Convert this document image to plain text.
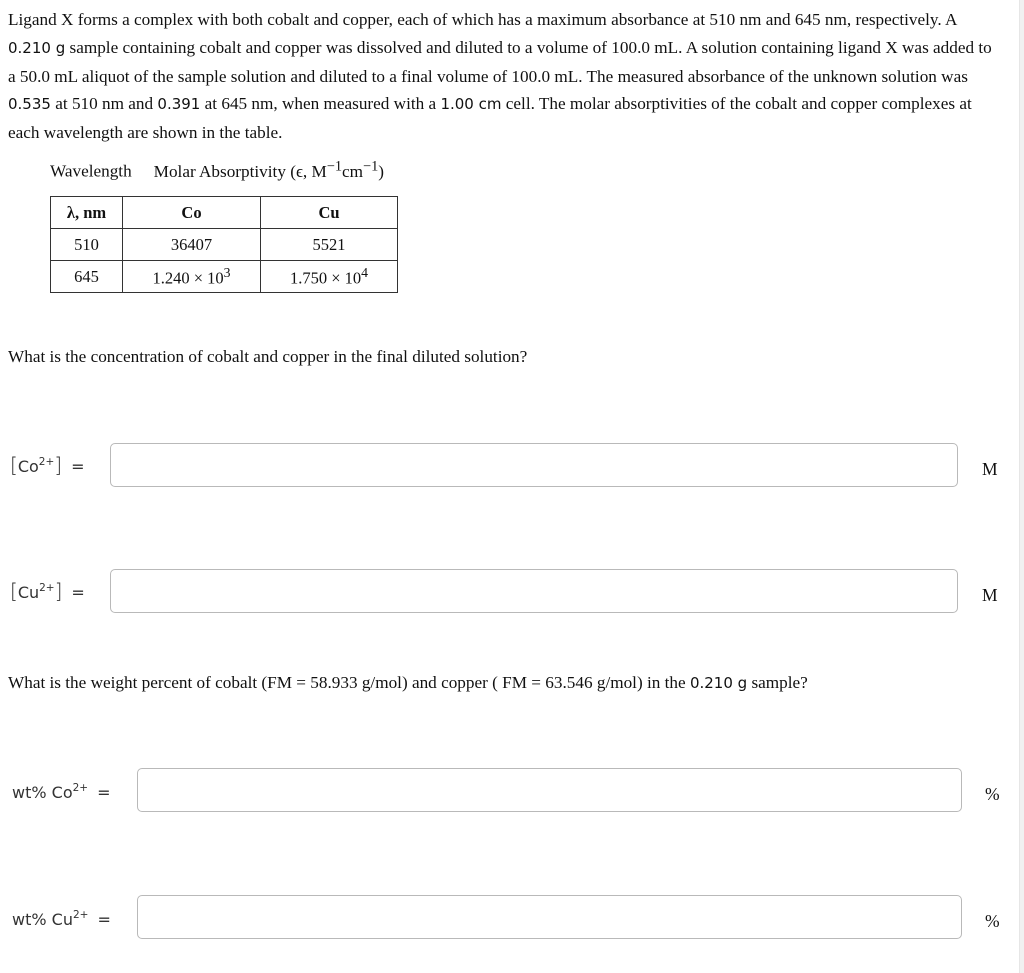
Ligand X forms a complex with both cobalt and copper, each of which has a maximum absorbance at 510 nm and 645 nm, respectively. A 0.210 g sample containing cobalt and copper was dissolved and diluted to a volume of 100.0 mL. A solution containing ligand X was added to a 50.0 mL aliquot of the sample solution and diluted to a final volume of 100.0 mL. The measured absorbance of the unknown solution was 0.535 at 510 nm and 0.391 at 645 nm, when measured with a 1.00 cm cell. The molar absorptivities of the cobalt and copper complexes at each wavelength are shown in the table.

Wavelength Molar Absorptivity (ϵ, $M^{-1}cm^{-1}$)
λ, nm	Co	Cu
510	36407	5521
645	$1.240 \times 10^3$	$1.750 \times 10^4$

What is the concentration of cobalt and copper in the final diluted solution?

$[Co^{2+}]$ =	M
$[Cu^{2+}]$ =	M

What is the weight percent of cobalt (FM = 58.933 g/mol) and copper ( FM = 63.546 g/mol) in the 0.210 g sample?

wt% $Co^{2+}$ =	%
wt% $Cu^{2+}$ =	%
